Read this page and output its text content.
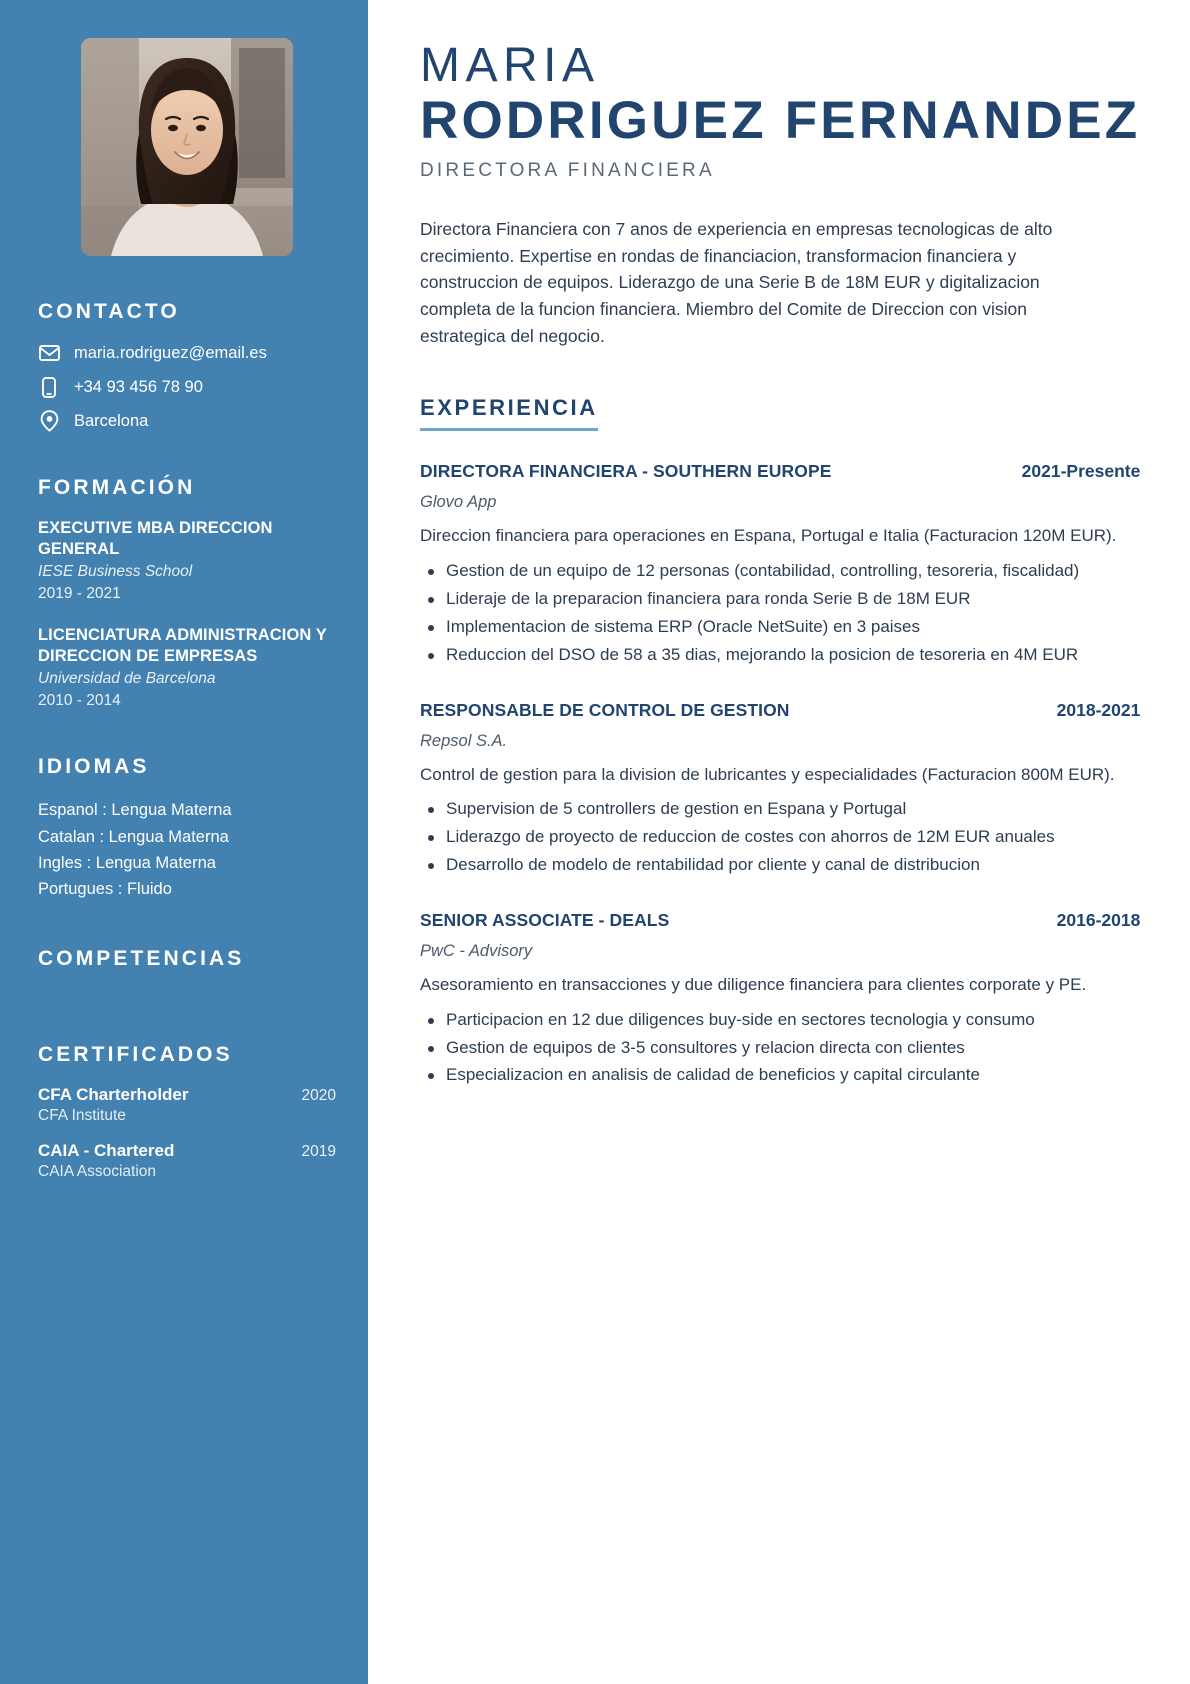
CONTACTO
maria.rodriguez@email.es
+34 93 456 78 90
Barcelona
FORMACIÓN
EXECUTIVE MBA DIRECCION GENERAL
IESE Business School
2019 - 2021
LICENCIATURA ADMINISTRACION Y DIRECCION DE EMPRESAS
Universidad de Barcelona
2010 - 2014
IDIOMAS
Espanol : Lengua Materna
Catalan : Lengua Materna
Ingles : Lengua Materna
Portugues : Fluido
COMPETENCIAS
CERTIFICADOS
CFA Charterholder	2020
CFA Institute
CAIA - Chartered	2019
CAIA Association
MARIA
RODRIGUEZ FERNANDEZ
DIRECTORA FINANCIERA

Directora Financiera con 7 anos de experiencia en empresas tecnologicas de alto crecimiento. Expertise en rondas de financiacion, transformacion financiera y construccion de equipos. Liderazgo de una Serie B de 18M EUR y digitalizacion completa de la funcion financiera. Miembro del Comite de Direccion con vision estrategica del negocio.

EXPERIENCIA
DIRECTORA FINANCIERA - SOUTHERN EUROPE	2021-Presente
Glovo App
Direccion financiera para operaciones en Espana, Portugal e Italia (Facturacion 120M EUR).
Gestion de un equipo de 12 personas (contabilidad, controlling, tesoreria, fiscalidad)
Lideraje de la preparacion financiera para ronda Serie B de 18M EUR
Implementacion de sistema ERP (Oracle NetSuite) en 3 paises
Reduccion del DSO de 58 a 35 dias, mejorando la posicion de tesoreria en 4M EUR
RESPONSABLE DE CONTROL DE GESTION	2018-2021
Repsol S.A.
Control de gestion para la division de lubricantes y especialidades (Facturacion 800M EUR).
Supervision de 5 controllers de gestion en Espana y Portugal
Liderazgo de proyecto de reduccion de costes con ahorros de 12M EUR anuales
Desarrollo de modelo de rentabilidad por cliente y canal de distribucion
SENIOR ASSOCIATE - DEALS	2016-2018
PwC - Advisory
Asesoramiento en transacciones y due diligence financiera para clientes corporate y PE.
Participacion en 12 due diligences buy-side en sectores tecnologia y consumo
Gestion de equipos de 3-5 consultores y relacion directa con clientes
Especializacion en analisis de calidad de beneficios y capital circulante
